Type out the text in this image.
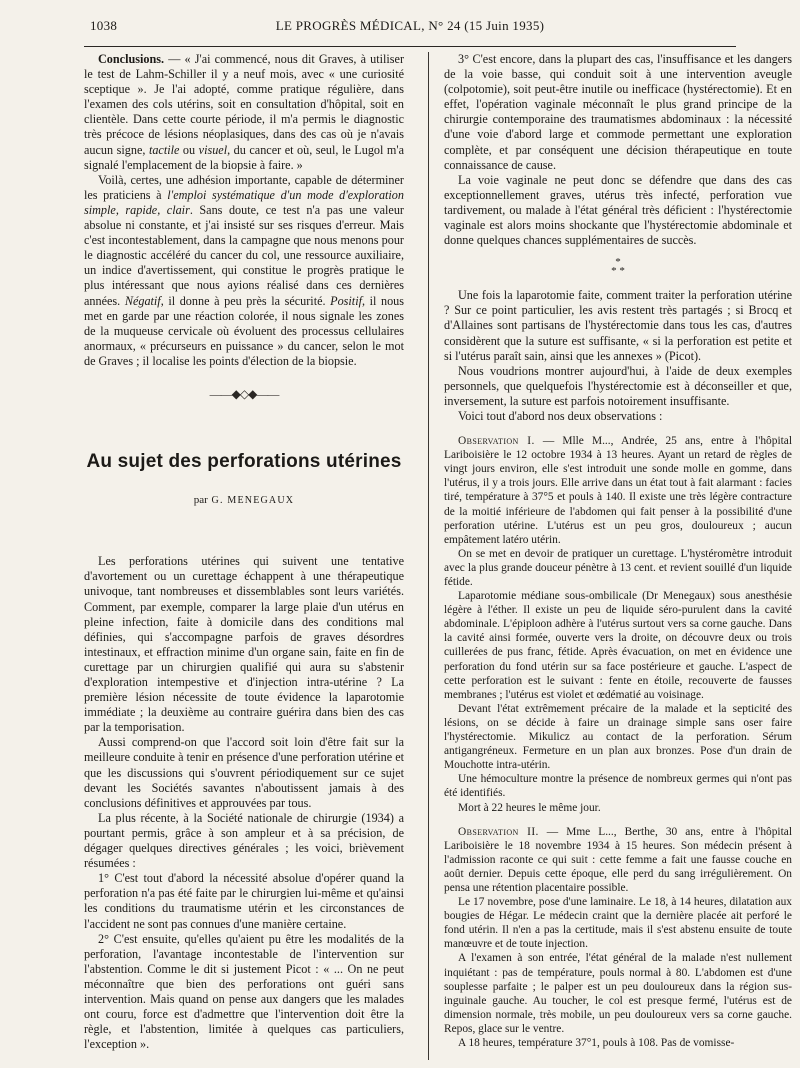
1038	LE PROGRÈS MÉDICAL, N° 24 (15 Juin 1935)

Conclusions. — « J'ai commencé, nous dit Graves, à utiliser le test de Lahm-Schiller il y a neuf mois, avec « une curiosité sceptique ». Je l'ai adopté, comme pratique régulière, dans l'examen des cols utérins, soit en consultation d'hôpital, soit en clientèle. Dans cette courte période, il m'a permis le diagnostic très précoce de lésions néoplasiques, dans des cas où je n'avais aucun signe, tactile ou visuel, du cancer et où, seul, le Lugol m'a signalé l'emplacement de la biopsie à faire. »

Voilà, certes, une adhésion importante, capable de déterminer les praticiens à l'emploi systématique d'un mode d'exploration simple, rapide, clair. Sans doute, ce test n'a pas une valeur absolue ni constante, et j'ai insisté sur ses risques d'erreur. Mais c'est incontestablement, dans la campagne que nous menons pour le diagnostic accéléré du cancer du col, une ressource auxiliaire, un indice d'avertissement, qui constitue le progrès pratique le plus intéressant que nous ayions réalisé dans ces dernières années. Négatif, il donne à peu près la sécurité. Positif, il nous met en garde par une réaction colorée, il nous signale les zones de la muqueuse cervicale où évoluent des processus cellulaires anormaux, « précurseurs en puissance » du cancer, selon le mot de Graves ; il localise les points d'élection de la biopsie.

——◆◇◆——

Au sujet des perforations utérines

par G. MENEGAUX

Les perforations utérines qui suivent une tentative d'avortement ou un curettage échappent à une thérapeutique univoque, tant nombreuses et dissemblables sont leurs variétés. Comment, par exemple, comparer la large plaie d'un utérus en pleine infection, faite à domicile dans des conditions mal définies, qui s'accompagne parfois de graves désordres intestinaux, et effraction minime d'un organe sain, faite en fin de curettage par un chirurgien qualifié qui aura su s'abstenir d'exploration intempestive et d'injection intra-utérine ? La première lésion nécessite de toute évidence la laparotomie immédiate ; la deuxième au contraire guérira dans bien des cas par la temporisation.

Aussi comprend-on que l'accord soit loin d'être fait sur la meilleure conduite à tenir en présence d'une perforation utérine et que les discussions qui s'ouvrent périodiquement sur ce sujet devant les Sociétés savantes n'aboutissent jamais à des conclusions définitives et approuvées par tous.

La plus récente, à la Société nationale de chirurgie (1934) a pourtant permis, grâce à son ampleur et à sa précision, de dégager quelques directives générales ; les voici, brièvement résumées :

1° C'est tout d'abord la nécessité absolue d'opérer quand la perforation n'a pas été faite par le chirurgien lui-même et qu'ainsi les conditions du traumatisme utérin et les circonstances de l'accident ne sont pas connues d'une manière certaine.

2° C'est ensuite, qu'elles qu'aient pu être les modalités de la perforation, l'avantage incontestable de l'intervention sur l'abstention. Comme le dit si justement Picot : « ... On ne peut méconnaître que bien des perforations ont guéri sans intervention. Mais quand on pense aux dangers que les malades ont couru, force est d'admettre que l'intervention doit être la règle, et l'abstention, limitée à quelques cas particuliers, l'exception ».

3° C'est encore, dans la plupart des cas, l'insuffisance et les dangers de la voie basse, qui conduit soit à une intervention aveugle (colpotomie), soit peut-être inutile ou inefficace (hystérectomie). Et en effet, l'opération vaginale méconnaît le plus grand principe de la chirurgie contemporaine des traumatismes abdominaux : la nécessité d'une voie d'abord large et commode permettant une exploration complète, et par conséquent une décision thérapeutique en toute connaissance de cause.

La voie vaginale ne peut donc se défendre que dans des cas exceptionnellement graves, utérus très infecté, perforation vue tardivement, ou malade à l'état général très déficient : l'hystérectomie vaginale est alors moins shockante que l'hystérectomie abdominale et donne quelques chances supplémentaires de succès.

*
* *

Une fois la laparotomie faite, comment traiter la perforation utérine ? Sur ce point particulier, les avis restent très partagés ; si Brocq et d'Allaines sont partisans de l'hystérectomie dans tous les cas, d'autres considèrent que la suture est suffisante, « si la perforation est petite et si l'utérus paraît sain, ainsi que les annexes » (Picot).

Nous voudrions montrer aujourd'hui, à l'aide de deux exemples personnels, que quelquefois l'hystérectomie est à déconseiller et que, inversement, la suture est parfois notoirement insuffisante.

Voici tout d'abord nos deux observations :

Observation I. — Mlle M..., Andrée, 25 ans, entre à l'hôpital Lariboisière le 12 octobre 1934 à 13 heures. Ayant un retard de règles de vingt jours environ, elle s'est introduit une sonde molle en gomme, dans l'utérus, il y a trois jours. Elle arrive dans un état tout à fait alarmant : facies tiré, température à 37°5 et pouls à 140. Il existe une très légère contracture de la moitié inférieure de l'abdomen qui fait penser à la possibilité d'une perforation utérine. L'utérus est un peu gros, douloureux ; aucun empâtement latéro utérin.

On se met en devoir de pratiquer un curettage. L'hystéromètre introduit avec la plus grande douceur pénètre à 13 cent. et revient souillé d'un liquide fétide.

Laparotomie médiane sous-ombilicale (Dr Menegaux) sous anesthésie légère à l'éther. Il existe un peu de liquide séro-purulent dans la cavité abdominale. L'épiploon adhère à l'utérus surtout vers sa corne gauche. Dans la cavité ainsi formée, ouverte vers la droite, on découvre deux ou trois cuillerées de pus franc, fétide. Après évacuation, on met en évidence une perforation du fond utérin sur sa face postérieure et gauche. L'aspect de cette perforation est le suivant : fente en étoile, recouverte de fausses membranes ; l'utérus est violet et œdématié au voisinage.

Devant l'état extrêmement précaire de la malade et la septicité des lésions, on se décide à faire un drainage simple sans oser faire l'hystérectomie. Mikulicz au contact de la perforation. Sérum antigangréneux. Fermeture en un plan aux bronzes. Pose d'un drain de Mouchotte intra-utérin.

Une hémoculture montre la présence de nombreux germes qui n'ont pas été identifiés.

Mort à 22 heures le même jour.

Observation II. — Mme L..., Berthe, 30 ans, entre à l'hôpital Lariboisière le 18 novembre 1934 à 15 heures. Son médecin présent à l'admission raconte ce qui suit : cette femme a fait une fausse couche en août dernier. Depuis cette époque, elle perd du sang irrégulièrement. On pensa une rétention placentaire possible.

Le 17 novembre, pose d'une laminaire. Le 18, à 14 heures, dilatation aux bougies de Hégar. Le médecin craint que la dernière placée ait perforé le fond utérin. Il n'en a pas la certitude, mais il s'est abstenu ensuite de toute manœuvre et de toute injection.

A l'examen à son entrée, l'état général de la malade n'est nullement inquiétant : pas de température, pouls normal à 80. L'abdomen est d'une souplesse parfaite ; le palper est un peu douloureux dans la région sus-inguinale gauche. Au toucher, le col est presque fermé, l'utérus est de dimension normale, très mobile, un peu douloureux vers sa corne gauche. Repos, glace sur le ventre.

A 18 heures, température 37°1, pouls à 108. Pas de vomisse-
